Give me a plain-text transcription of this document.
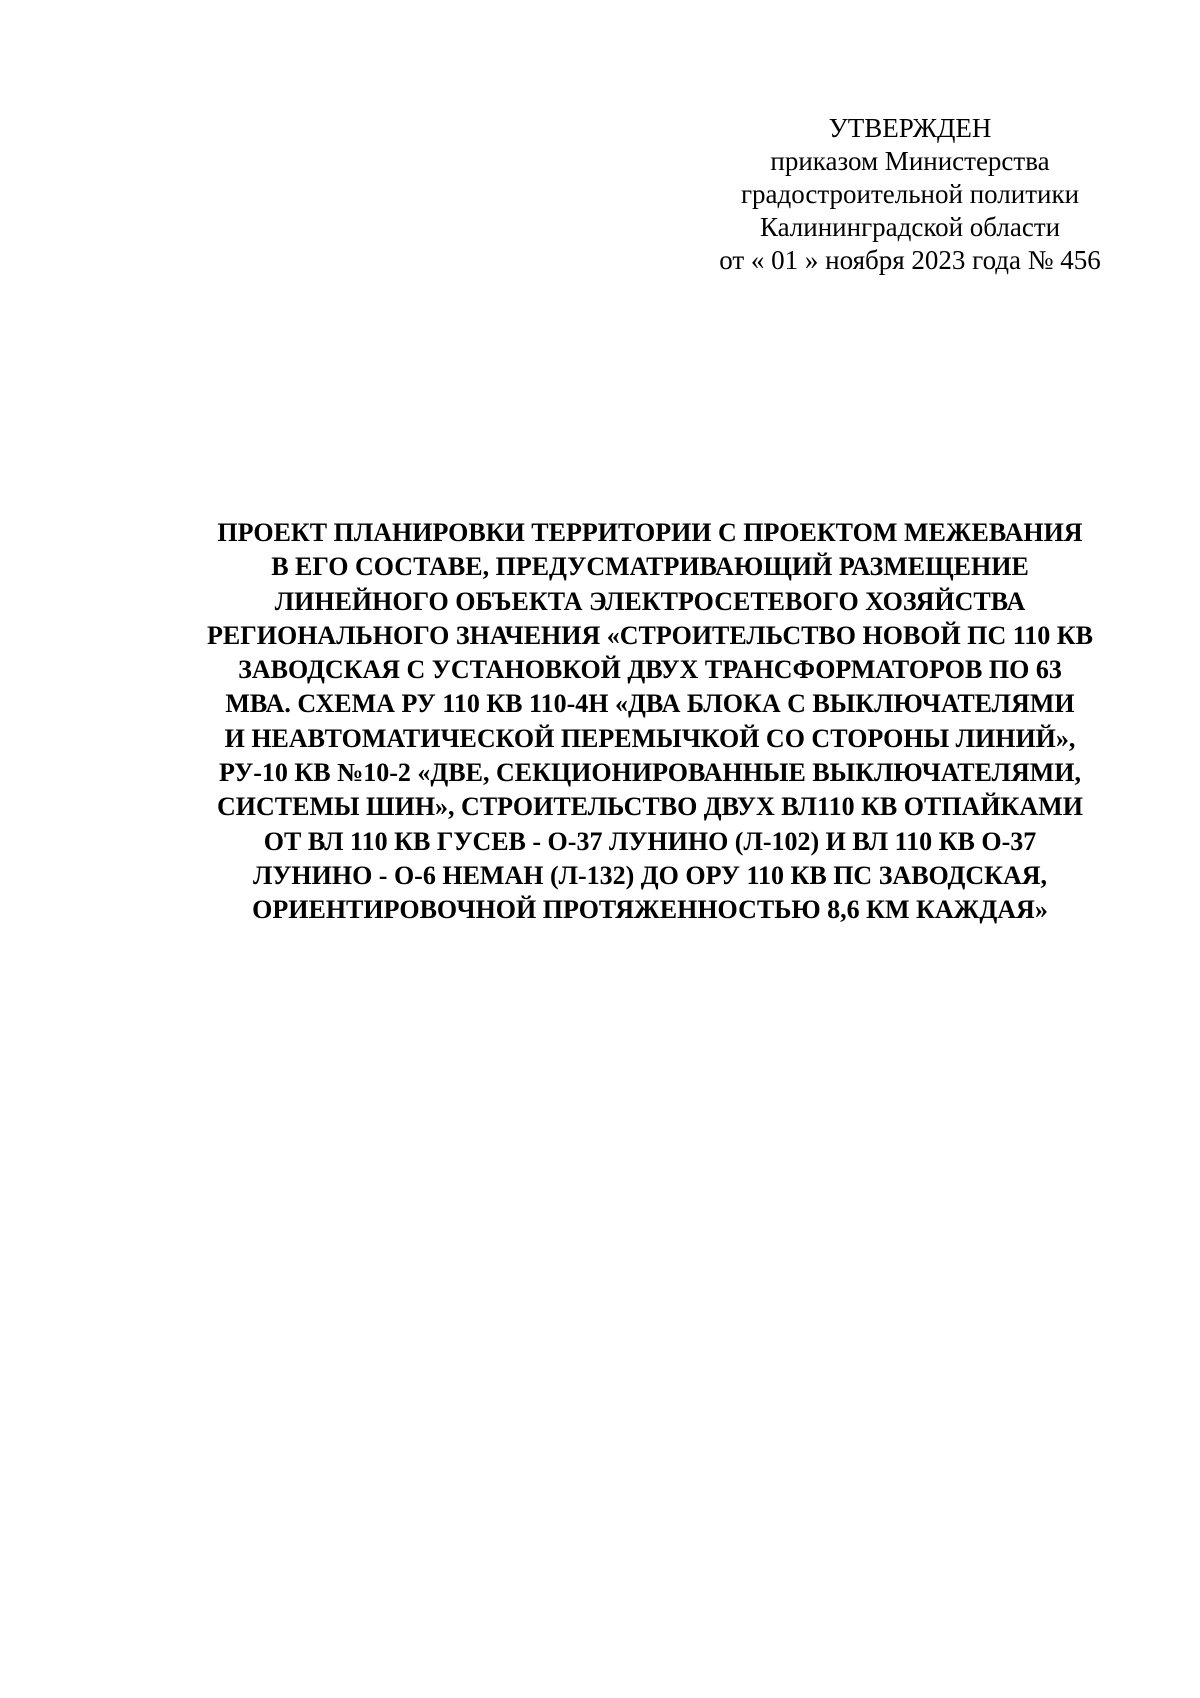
УТВЕРЖДЕН
приказом Министерства
градостроительной политики
Калининградской области
от « 01 » ноября 2023 года № 456
ПРОЕКТ ПЛАНИРОВКИ ТЕРРИТОРИИ С ПРОЕКТОМ МЕЖЕВАНИЯ
В ЕГО СОСТАВЕ, ПРЕДУСМАТРИВАЮЩИЙ РАЗМЕЩЕНИЕ
ЛИНЕЙНОГО ОБЪЕКТА ЭЛЕКТРОСЕТЕВОГО ХОЗЯЙСТВА
РЕГИОНАЛЬНОГО ЗНАЧЕНИЯ «СТРОИТЕЛЬСТВО НОВОЙ ПС 110 КВ
ЗАВОДСКАЯ С УСТАНОВКОЙ ДВУХ ТРАНСФОРМАТОРОВ ПО 63
МВА. СХЕМА РУ 110 КВ 110-4Н «ДВА БЛОКА С ВЫКЛЮЧАТЕЛЯМИ
И НЕАВТОМАТИЧЕСКОЙ ПЕРЕМЫЧКОЙ СО СТОРОНЫ ЛИНИЙ»,
РУ-10 КВ №10-2 «ДВЕ, СЕКЦИОНИРОВАННЫЕ ВЫКЛЮЧАТЕЛЯМИ,
СИСТЕМЫ ШИН», СТРОИТЕЛЬСТВО ДВУХ ВЛ110 КВ ОТПАЙКАМИ
ОТ ВЛ 110 КВ ГУСЕВ - О-37 ЛУНИНО (Л-102) И ВЛ 110 КВ О-37
ЛУНИНО - О-6 НЕМАН (Л-132) ДО ОРУ 110 КВ ПС ЗАВОДСКАЯ,
ОРИЕНТИРОВОЧНОЙ ПРОТЯЖЕННОСТЬЮ 8,6 КМ КАЖДАЯ»
